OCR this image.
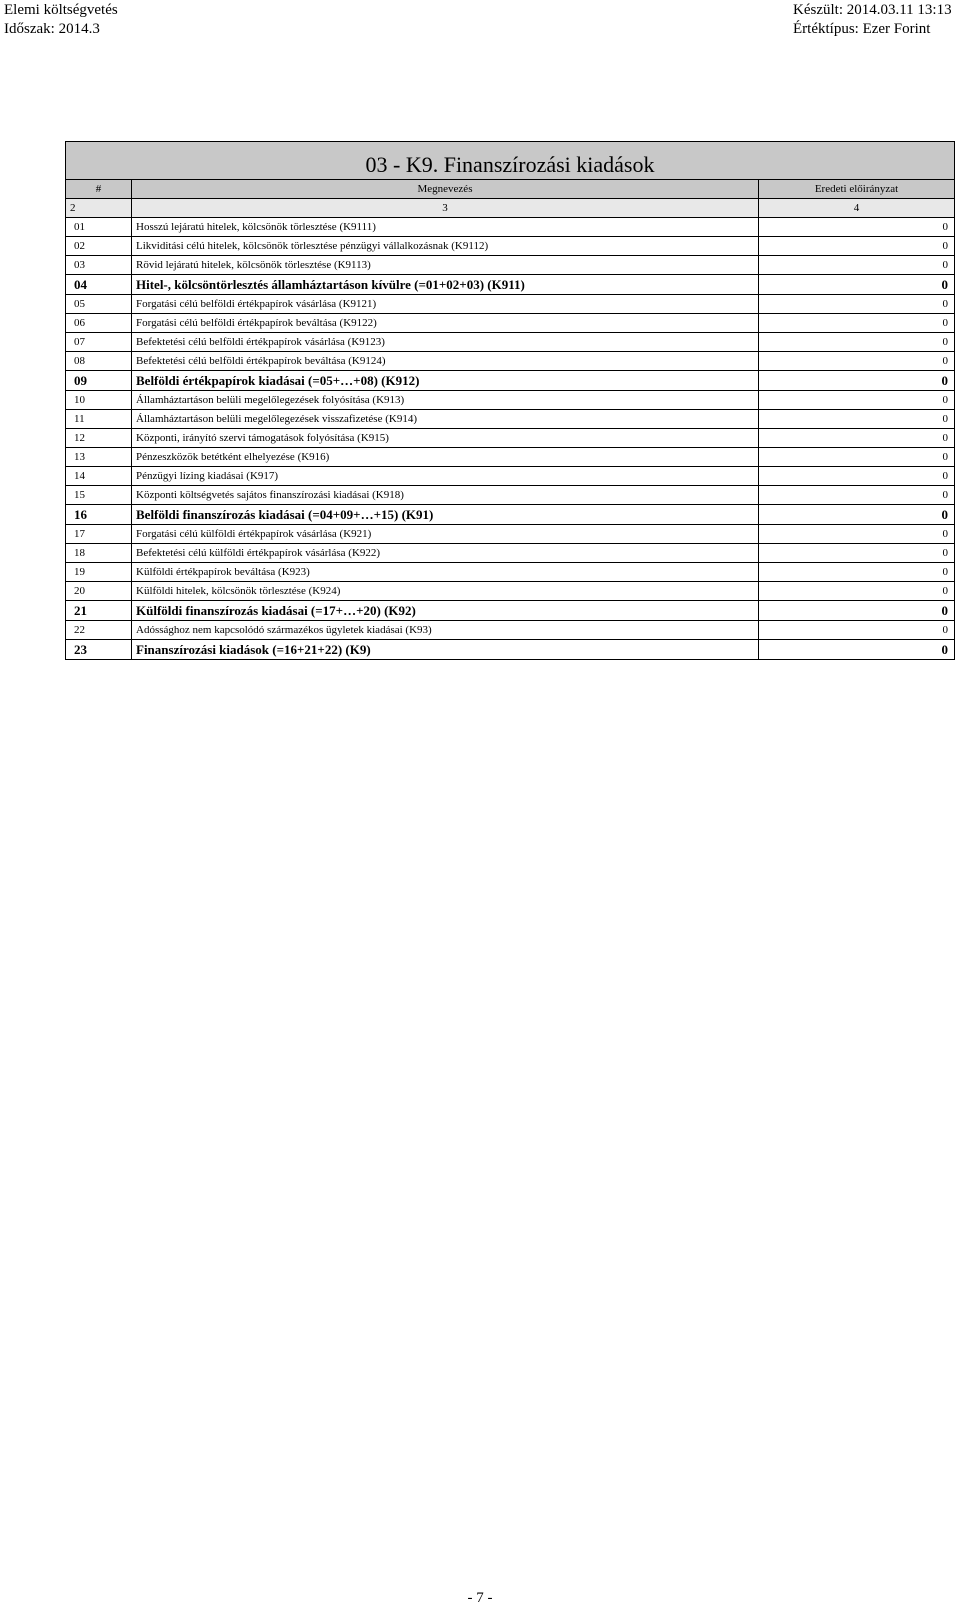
Elemi költségvetés
Időszak: 2014.3
Készült: 2014.03.11 13:13
Értéktípus: Ezer Forint
03 - K9. Finanszírozási kiadások		
#	Megnevezés	Eredeti előirányzat
2	3	4
01	Hosszú lejáratú hitelek, kölcsönök törlesztése (K9111)	0
02	Likviditási célú hitelek, kölcsönök törlesztése pénzügyi vállalkozásnak (K9112)	0
03	Rövid lejáratú hitelek, kölcsönök törlesztése (K9113)	0
04	Hitel-, kölcsöntörlesztés államháztartáson kívülre (=01+02+03) (K911)	0
05	Forgatási célú belföldi értékpapírok vásárlása (K9121)	0
06	Forgatási célú belföldi értékpapírok beváltása (K9122)	0
07	Befektetési célú belföldi értékpapírok vásárlása (K9123)	0
08	Befektetési célú belföldi értékpapírok beváltása (K9124)	0
09	Belföldi értékpapírok kiadásai (=05+…+08) (K912)	0
10	Államháztartáson belüli megelőlegezések folyósítása (K913)	0
11	Államháztartáson belüli megelőlegezések visszafizetése (K914)	0
12	Központi, irányító szervi támogatások folyósítása (K915)	0
13	Pénzeszközök betétként elhelyezése (K916)	0
14	Pénzügyi lízing kiadásai (K917)	0
15	Központi költségvetés sajátos finanszírozási kiadásai (K918)	0
16	Belföldi finanszírozás kiadásai (=04+09+…+15) (K91)	0
17	Forgatási célú külföldi értékpapírok vásárlása (K921)	0
18	Befektetési célú külföldi értékpapírok vásárlása (K922)	0
19	Külföldi értékpapírok beváltása (K923)	0
20	Külföldi hitelek, kölcsönök törlesztése (K924)	0
21	Külföldi finanszírozás kiadásai (=17+…+20) (K92)	0
22	Adóssághoz nem kapcsolódó származékos ügyletek kiadásai (K93)	0
23	Finanszírozási kiadások (=16+21+22) (K9)	0
- 7 -
